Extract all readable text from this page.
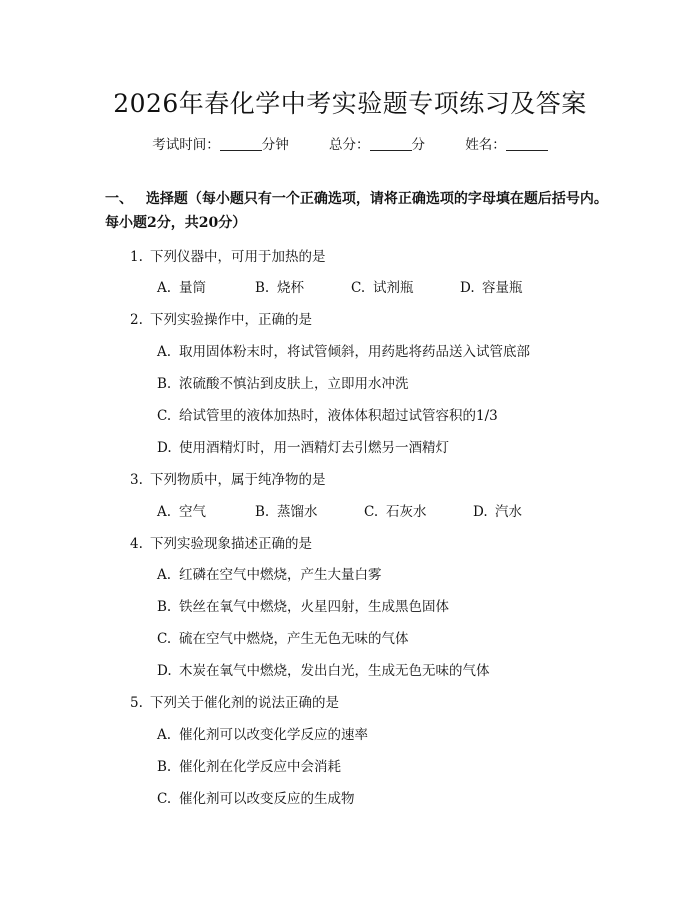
2026年春化学中考实验题专项练习及答案
考试时间：	分钟	总分：	分	姓名：
一、 选择题（每小题只有一个正确选项，请将正确选项的字母填在题后括号内。
每小题2分，共20分）
1. 下列仪器中，可用于加热的是
A. 量筒	B. 烧杯	C. 试剂瓶	D. 容量瓶
2. 下列实验操作中，正确的是
A. 取用固体粉末时，将试管倾斜，用药匙将药品送入试管底部
B. 浓硫酸不慎沾到皮肤上，立即用水冲洗
C. 给试管里的液体加热时，液体体积超过试管容积的1/3
D. 使用酒精灯时，用一酒精灯去引燃另一酒精灯
3. 下列物质中，属于纯净物的是
A. 空气	B. 蒸馏水	C. 石灰水	D. 汽水
4. 下列实验现象描述正确的是
A. 红磷在空气中燃烧，产生大量白雾
B. 铁丝在氧气中燃烧，火星四射，生成黑色固体
C. 硫在空气中燃烧，产生无色无味的气体
D. 木炭在氧气中燃烧，发出白光，生成无色无味的气体
5. 下列关于催化剂的说法正确的是
A. 催化剂可以改变化学反应的速率
B. 催化剂在化学反应中会消耗
C. 催化剂可以改变反应的生成物
